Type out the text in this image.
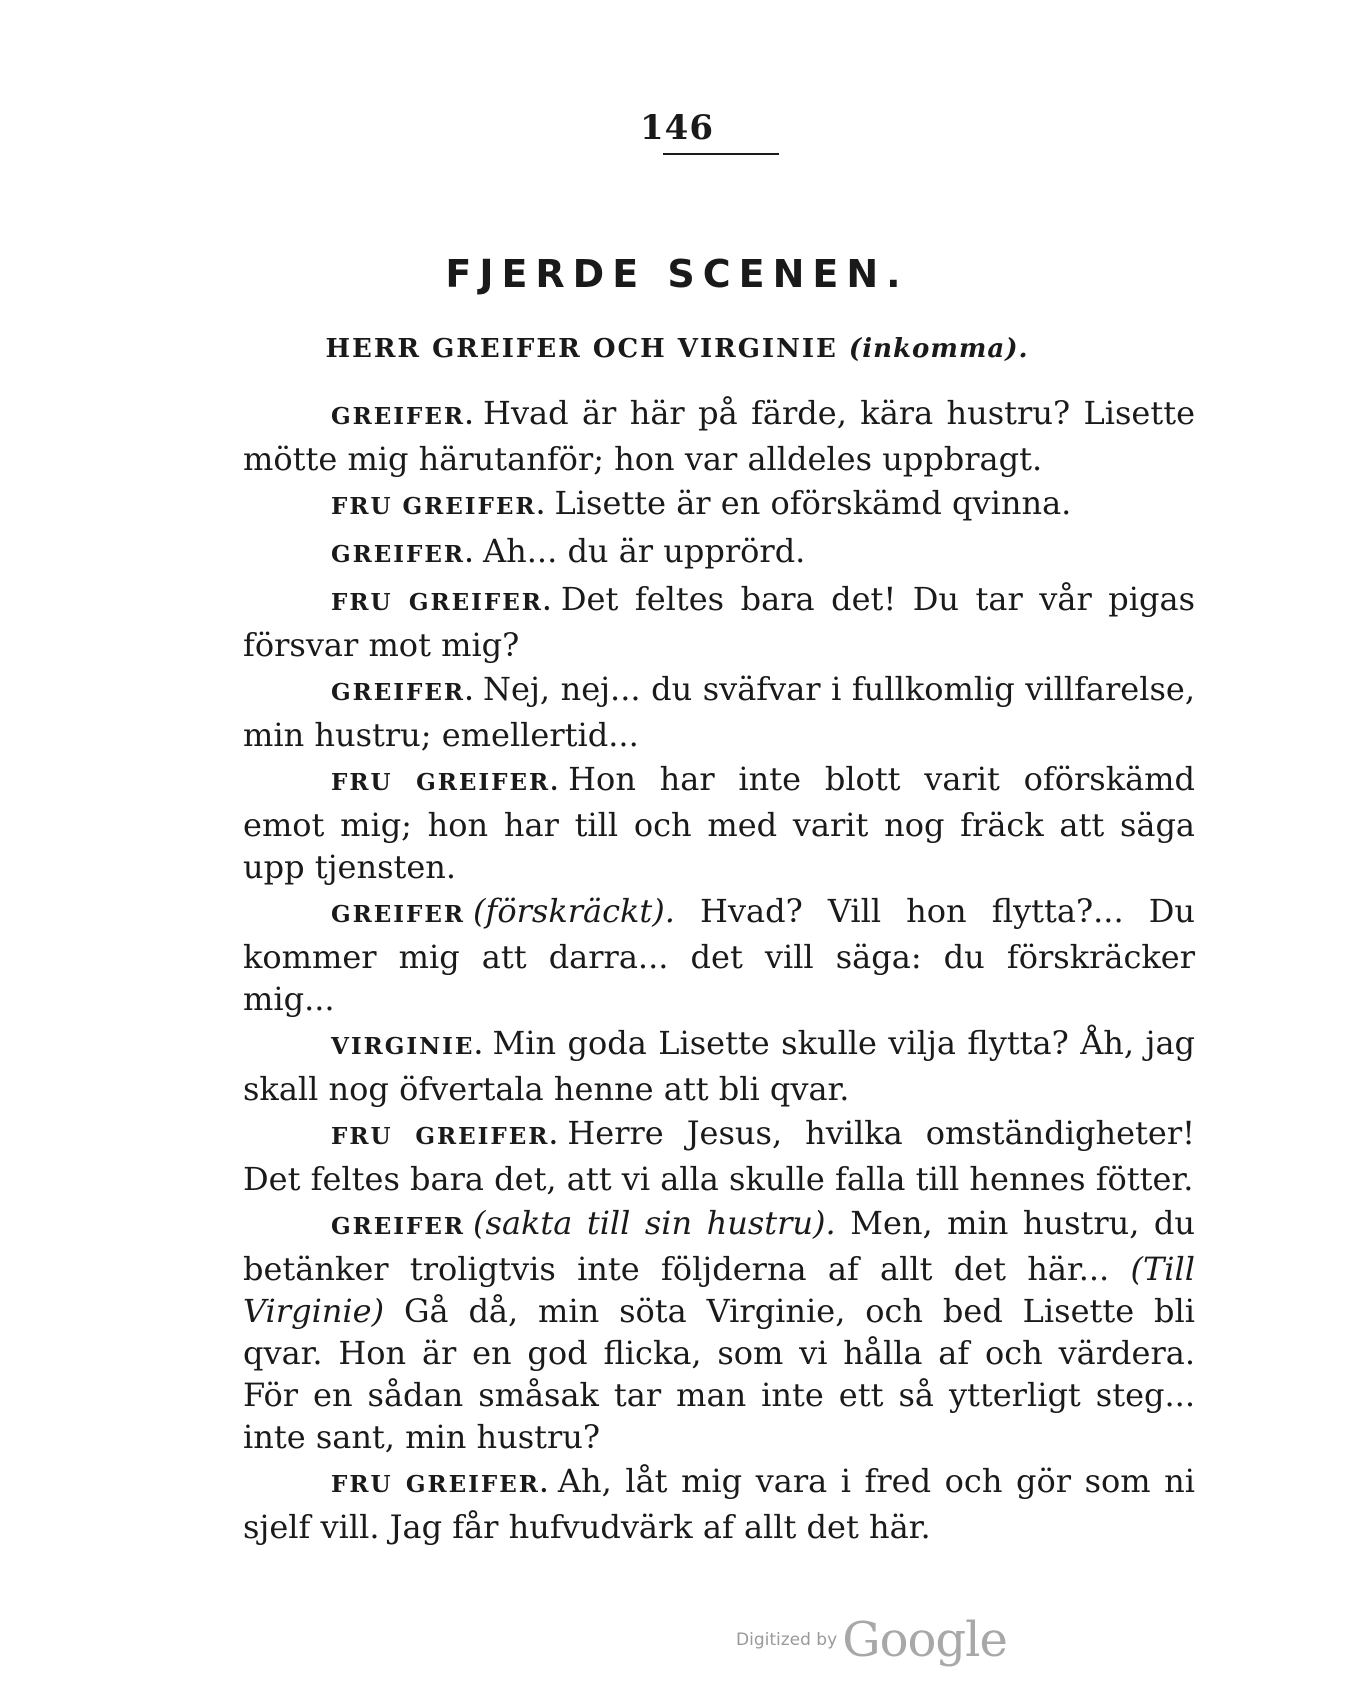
146
FJERDE SCENEN.
HERR GREIFER OCH VIRGINIE (inkomma).

GREIFER. Hvad är här på färde, kära hustru? Lisette mötte mig härutanför; hon var alldeles uppbragt.

FRU GREIFER. Lisette är en oförskämd qvinna.

GREIFER. Ah... du är upprörd.

FRU GREIFER. Det feltes bara det! Du tar vår pigas försvar mot mig?

GREIFER. Nej, nej... du sväfvar i fullkomlig villfarelse, min hustru; emellertid...

FRU GREIFER. Hon har inte blott varit oförskämd emot mig; hon har till och med varit nog fräck att säga upp tjensten.

GREIFER (förskräckt). Hvad? Vill hon flytta?... Du kommer mig att darra... det vill säga: du förskräcker mig...

VIRGINIE. Min goda Lisette skulle vilja flytta? Åh, jag skall nog öfvertala henne att bli qvar.

FRU GREIFER. Herre Jesus, hvilka omständigheter! Det feltes bara det, att vi alla skulle falla till hennes fötter.

GREIFER (sakta till sin hustru). Men, min hustru, du betänker troligtvis inte följderna af allt det här... (Till Virginie) Gå då, min söta Virginie, och bed Lisette bli qvar. Hon är en god flicka, som vi hålla af och värdera. För en sådan småsak tar man inte ett så ytterligt steg... inte sant, min hustru?

FRU GREIFER. Ah, låt mig vara i fred och gör som ni sjelf vill. Jag får hufvudvärk af allt det här.

Digitized by Google
